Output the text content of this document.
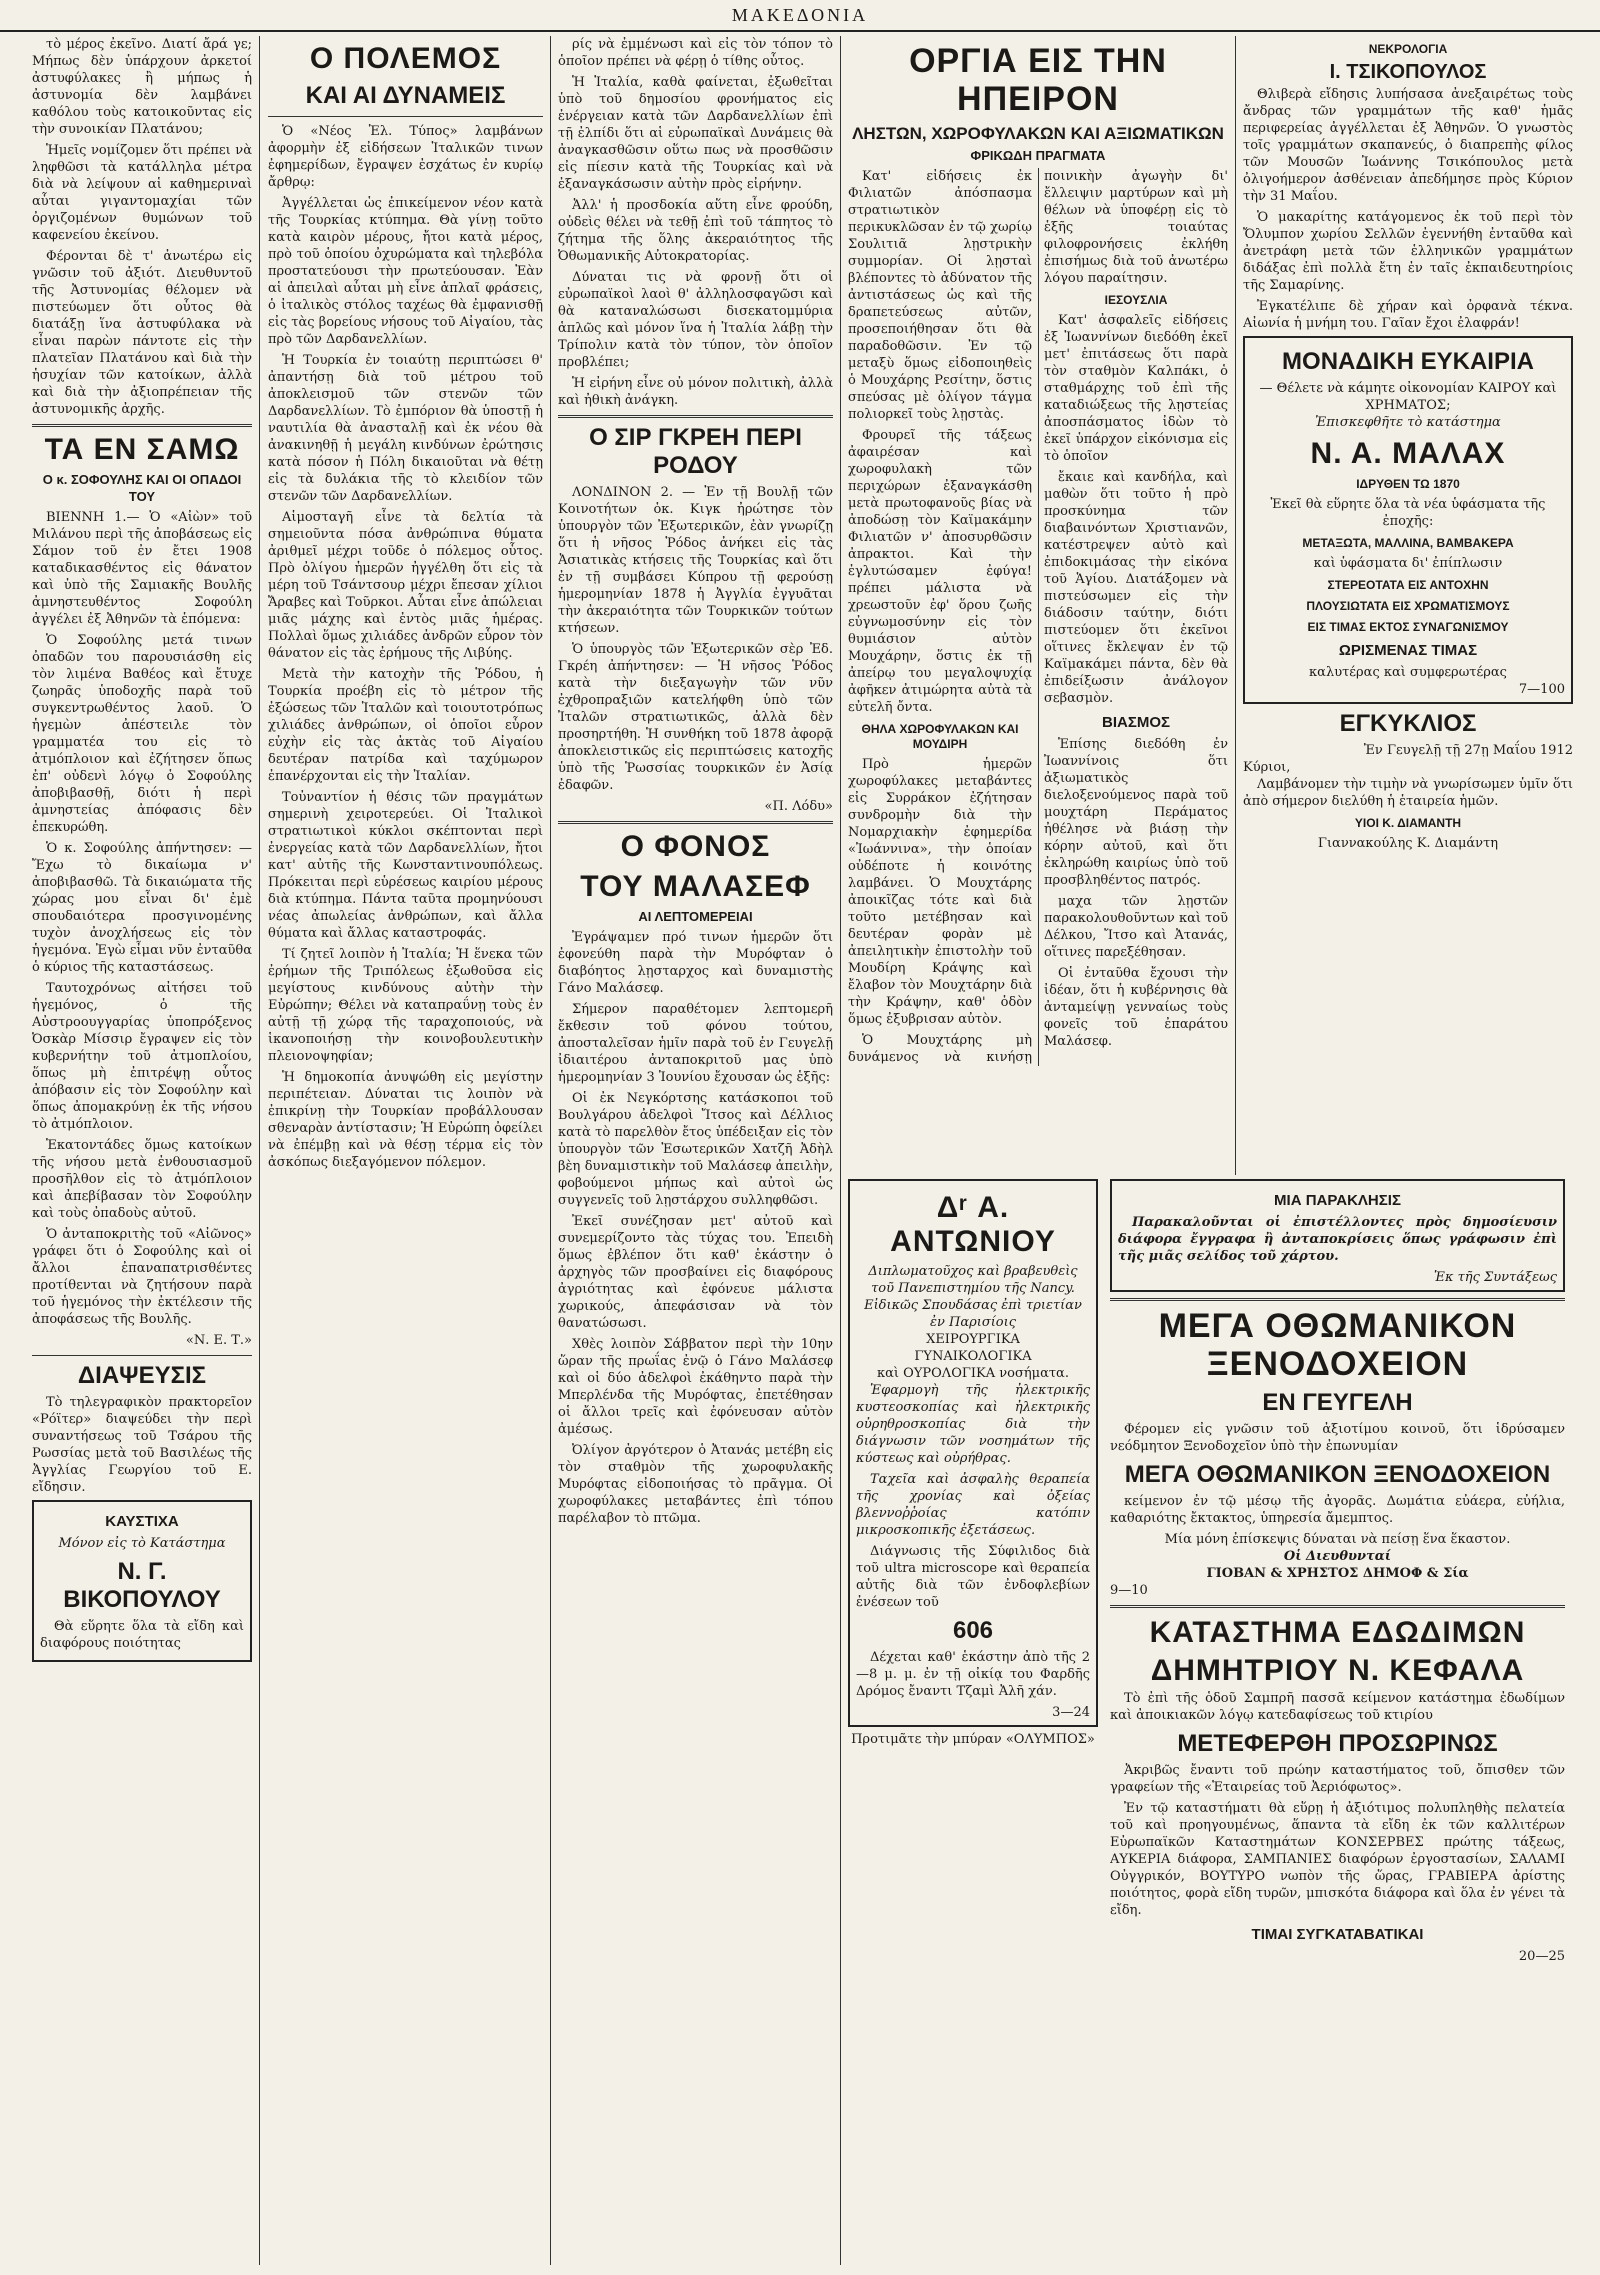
ΜΑΚΕΔΟΝΙΑ

τὸ μέρος ἐκεῖνο. Διατί ἄρά γε; Μήπως δὲν ὑπάρχουν ἀρκετοί ἀστυφύλακες ἢ μήπως ἡ ἀστυνομία δὲν λαμβάνει καθόλου τοὺς κατοικοῦντας εἰς τὴν συνοικίαν Πλατάνου;

Ἡμεῖς νομίζομεν ὅτι πρέπει νὰ ληφθῶσι τὰ κατάλληλα μέτρα διὰ νὰ λείψουν αἱ καθημεριναὶ αὗται γιγαντομαχίαι τῶν ὀργιζομένων θυμώνων τοῦ καφενείου ἐκείνου.

Φέρονται δὲ τ' ἀνωτέρω εἰς γνῶσιν τοῦ ἀξιότ. Διευθυντοῦ τῆς Ἀστυνομίας θέλομεν νὰ πιστεύωμεν ὅτι οὗτος θὰ διατάξῃ ἵνα ἀστυφύλακα νὰ εἶναι παρὼν πάντοτε εἰς τὴν πλατεῖαν Πλατάνου καὶ διὰ τὴν ἡσυχίαν τῶν κατοίκων, ἀλλὰ καὶ διὰ τὴν ἀξιοπρέπειαν τῆς ἀστυνομικῆς ἀρχῆς.

ΤΑ ΕΝ ΣΑΜΩ
Ο κ. ΣΟΦΟΥΛΗΣ ΚΑΙ ΟΙ ΟΠΑΔΟΙ ΤΟΥ

ΒΙΕΝΝΗ 1.— Ὁ «Αἰὼν» τοῦ Μιλάνου περὶ τῆς ἀποβάσεως εἰς Σάμον τοῦ ἐν ἔτει 1908 καταδικασθέντος εἰς θάνατον καὶ ὑπὸ τῆς Σαμιακῆς Βουλῆς ἀμνηστευθέντος Σοφούλη ἀγγέλει ἐξ Ἀθηνῶν τὰ ἑπόμενα:

Ὁ Σοφούλης μετά τινων ὀπαδῶν του παρουσιάσθη εἰς τὸν λιμένα Βαθέος καὶ ἔτυχε ζωηρᾶς ὑποδοχῆς παρὰ τοῦ συγκεντρωθέντος λαοῦ. Ὁ ἡγεμὼν ἀπέστειλε τὸν γραμματέα του εἰς τὸ ἀτμόπλοιον καὶ ἐζήτησεν ὅπως ἐπ' οὐδενὶ λόγῳ ὁ Σοφούλης ἀποβιβασθῇ, διότι ἡ περὶ ἀμνηστείας ἀπόφασις δὲν ἐπεκυρώθη.

Ὁ κ. Σοφούλης ἀπήντησεν: — Ἔχω τὸ δικαίωμα ν' ἀποβιβασθῶ. Τὰ δικαιώματα τῆς χώρας μου εἶναι δι' ἐμὲ σπουδαιότερα προσγινομένης τυχὸν ἀνοχλήσεως εἰς τὸν ἡγεμόνα. Ἐγὼ εἶμαι νῦν ἐνταῦθα ὁ κύριος τῆς καταστάσεως.

Ταυτοχρόνως αἰτήσει τοῦ ἡγεμόνος, ὁ τῆς Αὐστροουγγαρίας ὑποπρόξενος Ὀσκὰρ Μίσσιρ ἔγραψεν εἰς τὸν κυβερνήτην τοῦ ἀτμοπλοίου, ὅπως μὴ ἐπιτρέψῃ οὗτος ἀπόβασιν εἰς τὸν Σοφούλην καὶ ὅπως ἀπομακρύνῃ ἐκ τῆς νήσου τὸ ἀτμόπλοιον.

Ἑκατοντάδες ὅμως κατοίκων τῆς νήσου μετὰ ἐνθουσιασμοῦ προσῆλθον εἰς τὸ ἀτμόπλοιον καὶ ἀπεβίβασαν τὸν Σοφούλην καὶ τοὺς ὀπαδοὺς αὐτοῦ.

Ὁ ἀνταποκριτὴς τοῦ «Αἰῶνος» γράφει ὅτι ὁ Σοφούλης καὶ οἱ ἄλλοι ἐπαναπατρισθέντες προτίθενται νὰ ζητήσουν παρὰ τοῦ ἡγεμόνος τὴν ἐκτέλεσιν τῆς ἀποφάσεως τῆς Βουλῆς.

«Ν. Ε. Τ.»

ΔΙΑΨΕΥΣΙΣ

Τὸ τηλεγραφικὸν πρακτορεῖον «Ρόϊτερ» διαψεύδει τὴν περὶ συναντήσεως τοῦ Τσάρου τῆς Ρωσσίας μετὰ τοῦ Βασιλέως τῆς Ἀγγλίας Γεωργίου τοῦ Ε. εἴδησιν.

ΚΑΥΣΤΙΧΑ
Μόνον εἰς τὸ Κατάστημα
Ν. Γ. ΒΙΚΟΠΟΥΛΟΥ

Θὰ εὕρητε ὅλα τὰ εἴδη καὶ διαφόρους ποιότητας

Ο ΠΟΛΕΜΟΣ
ΚΑΙ ΑΙ ΔΥΝΑΜΕΙΣ

Ὁ «Νέος Ἐλ. Τύπος» λαμβάνων ἀφορμὴν ἐξ εἰδήσεων Ἰταλικῶν τινων ἐφημερίδων, ἔγραψεν ἐσχάτως ἐν κυρίῳ ἄρθρῳ:

Ἀγγέλλεται ὡς ἐπικείμενον νέον κατὰ τῆς Τουρκίας κτύπημα. Θὰ γίνῃ τοῦτο κατὰ καιρὸν μέρους, ἤτοι κατὰ μέρος, πρὸ τοῦ ὁποίου ὀχυρώματα καὶ τηλεβόλα προστατεύουσι τὴν πρωτεύουσαν. Ἐὰν αἱ ἀπειλαὶ αὗται μὴ εἶνε ἁπλαῖ φράσεις, ὁ ἰταλικὸς στόλος ταχέως θὰ ἐμφανισθῇ εἰς τὰς βορείους νήσους τοῦ Αἰγαίου, τὰς πρὸ τῶν Δαρδανελλίων.

Ἡ Τουρκία ἐν τοιαύτῃ περιπτώσει θ' ἀπαντήσῃ διὰ τοῦ μέτρου τοῦ ἀποκλεισμοῦ τῶν στενῶν τῶν Δαρδανελλίων. Τὸ ἐμπόριον θὰ ὑποστῇ ἡ ναυτιλία θὰ ἀνασταλῇ καὶ ἐκ νέου θὰ ἀνακινηθῇ ἡ μεγάλη κινδύνων ἐρώτησις κατὰ πόσον ἡ Πόλη δικαιοῦται νὰ θέτῃ εἰς τὰ δυλάκια τῆς τὸ κλειδίον τῶν στενῶν τῶν Δαρδανελλίων.

Αἱμοσταγῆ εἶνε τὰ δελτία τὰ σημειοῦντα πόσα ἀνθρώπινα θύματα ἀριθμεῖ μέχρι τοῦδε ὁ πόλεμος οὗτος. Πρὸ ὀλίγου ἡμερῶν ἠγγέλθη ὅτι εἰς τὰ μέρη τοῦ Τσάντσουρ μέχρι ἔπεσαν χίλιοι Ἄραβες καὶ Τοῦρκοι. Αὗται εἶνε ἀπώλειαι μιᾶς μάχης καὶ ἐντὸς μιᾶς ἡμέρας. Πολλαὶ ὅμως χιλιάδες ἀνδρῶν εὗρον τὸν θάνατον εἰς τὰς ἐρήμους τῆς Λιβύης.

Μετὰ τὴν κατοχὴν τῆς Ῥόδου, ἡ Τουρκία προέβη εἰς τὸ μέτρον τῆς ἐξώσεως τῶν Ἰταλῶν καὶ τοιουτοτρόπως χιλιάδες ἀνθρώπων, οἱ ὁποῖοι εὗρον εὐχὴν εἰς τὰς ἀκτὰς τοῦ Αἰγαίου δευτέραν πατρίδα καὶ ταχύμωρον ἐπανέρχονται εἰς τὴν Ἰταλίαν.

Τοὐναντίον ἡ θέσις τῶν πραγμάτων σημερινὴ χειροτερεύει. Οἱ Ἰταλικοὶ στρατιωτικοὶ κύκλοι σκέπτονται περὶ ἐνεργείας κατὰ τῶν Δαρδανελλίων, ἤτοι κατ' αὐτῆς τῆς Κωνσταντινουπόλεως. Πρόκειται περὶ εὑρέσεως καιρίου μέρους διὰ κτύπημα. Πάντα ταῦτα προμηνύουσι νέας ἀπωλείας ἀνθρώπων, καὶ ἄλλα θύματα καὶ ἄλλας καταστροφάς.

Τί ζητεῖ λοιπὸν ἡ Ἰταλία; Ἡ ἕνεκα τῶν ἐρήμων τῆς Τριπόλεως ἐξωθοῦσα εἰς μεγίστους κινδύνους αὐτὴν τὴν Εὐρώπην; Θέλει νὰ καταπραΰνῃ τοὺς ἐν αὐτῇ τῇ χώρᾳ τῆς ταραχοποιούς, νὰ ἱκανοποιήσῃ τὴν κοινοβουλευτικὴν πλειονοψηφίαν;

Ἡ δημοκοπία ἀνυψώθη εἰς μεγίστην περιπέτειαν. Δύναται τις λοιπὸν νὰ ἐπικρίνῃ τὴν Τουρκίαν προβάλλουσαν σθεναρὰν ἀντίστασιν; Ἡ Εὐρώπη ὀφείλει νὰ ἐπέμβῃ καὶ νὰ θέσῃ τέρμα εἰς τὸν ἀσκόπως διεξαγόμενον πόλεμον.

ρίς νὰ ἐμμένωσι καὶ εἰς τὸν τόπον τὸ ὁποῖον πρέπει νὰ φέρῃ ὁ τίθης οὗτος.

Ἡ Ἰταλία, καθὰ φαίνεται, ἐξωθεῖται ὑπὸ τοῦ δημοσίου φρονήματος εἰς ἐνέργειαν κατὰ τῶν Δαρδανελλίων ἐπὶ τῇ ἐλπίδι ὅτι αἱ εὐρωπαϊκαὶ Δυνάμεις θὰ ἀναγκασθῶσιν οὕτω πως νὰ προσθῶσιν εἰς πίεσιν κατὰ τῆς Τουρκίας καὶ νὰ ἐξαναγκάσωσιν αὐτὴν πρὸς εἰρήνην.

Ἀλλ' ἡ προσδοκία αὕτη εἶνε φρούδη, οὐδεὶς θέλει νὰ τεθῇ ἐπὶ τοῦ τάπητος τὸ ζήτημα τῆς ὅλης ἀκεραιότητος τῆς Ὀθωμανικῆς Αὐτοκρατορίας.

Δύναται τις νὰ φρονῇ ὅτι οἱ εὐρωπαϊκοὶ λαοὶ θ' ἀλληλοσφαγῶσι καὶ θὰ καταναλώσωσι δισεκατομμύρια ἁπλῶς καὶ μόνον ἵνα ἡ Ἰταλία λάβῃ τὴν Τρίπολιν κατὰ τὸν τύπον, τὸν ὁποῖον προβλέπει;

Ἡ εἰρήνη εἶνε οὐ μόνον πολιτικὴ, ἀλλὰ καὶ ἠθικὴ ἀνάγκη.

Ο ΣΙΡ ΓΚΡΕΗ ΠΕΡΙ ΡΟΔΟΥ

ΛΟΝΔΙΝΟΝ 2. — Ἐν τῇ Βουλῇ τῶν Κοινοτήτων ὁκ. Κιγκ ἠρώτησε τὸν ὑπουργὸν τῶν Ἐξωτερικῶν, ἐὰν γνωρίζῃ ὅτι ἡ νῆσος Ῥόδος ἀνήκει εἰς τὰς Ἀσιατικὰς κτήσεις τῆς Τουρκίας καὶ ὅτι ἐν τῇ συμβάσει Κύπρου τῇ φερούσῃ ἡμερομηνίαν 1878 ἡ Ἀγγλία ἐγγυᾶται τὴν ἀκεραιότητα τῶν Τουρκικῶν τούτων κτήσεων.

Ὁ ὑπουργὸς τῶν Ἐξωτερικῶν σὲρ Ἐδ. Γκρέη ἀπήντησεν: — Ἡ νῆσος Ῥόδος κατὰ τὴν διεξαγωγὴν τῶν νῦν ἐχθροπραξιῶν κατελήφθη ὑπὸ τῶν Ἰταλῶν στρατιωτικῶς, ἀλλὰ δὲν προσηρτήθη. Ἡ συνθήκη τοῦ 1878 ἀφορᾷ ἀποκλειστικῶς εἰς περιπτώσεις κατοχῆς ὑπὸ τῆς Ῥωσσίας τουρκικῶν ἐν Ἀσίᾳ ἐδαφῶν.

«Π. Λόδυ»

Ο ΦΟΝΟΣ
ΤΟΥ ΜΑΛΑΣΕΦ
ΑΙ ΛΕΠΤΟΜΕΡΕΙΑΙ

Ἐγράψαμεν πρό τινων ἡμερῶν ὅτι ἐφονεύθη παρὰ τὴν Μυρόφταν ὁ διαβόητος λῃσταρχος καὶ δυναμιστὴς Γάνο Μαλάσεφ.

Σήμερον παραθέτομεν λεπτομερῆ ἔκθεσιν τοῦ φόνου τούτου, ἀποσταλεῖσαν ἡμῖν παρὰ τοῦ ἐν Γευγελῇ ἰδιαιτέρου ἀνταποκριτοῦ μας ὑπὸ ἡμερομηνίαν 3 Ἰουνίου ἔχουσαν ὡς ἑξῆς:

Οἱ ἐκ Νεγκόρτσης κατάσκοποι τοῦ Βουλγάρου ἀδελφοὶ Ἴτσος καὶ Δέλλιος κατὰ τὸ παρελθὸν ἔτος ὑπέδειξαν εἰς τὸν ὑπουργὸν τῶν Ἐσωτερικῶν Χατζῆ Ἀδὴλ βὲη δυναμιστικὴν τοῦ Μαλάσεφ ἀπειλὴν, φοβούμενοι μήπως καὶ αὐτοὶ ὡς συγγενεῖς τοῦ λῃστάρχου συλληφθῶσι.

Ἐκεῖ συνέζησαν μετ' αὐτοῦ καὶ συνεμερίζοντο τὰς τύχας του. Ἐπειδὴ ὅμως ἐβλέπον ὅτι καθ' ἑκάστην ὁ ἀρχηγὸς τῶν προσβαίνει εἰς διαφόρους ἀγριότητας καὶ ἐφόνευε μάλιστα χωρικούς, ἀπεφάσισαν νὰ τὸν θανατώσωσι.

Χθὲς λοιπὸν Σάββατον περὶ τὴν 10ην ὥραν τῆς πρωΐας ἐνῷ ὁ Γάνο Μαλάσεφ καὶ οἱ δύο ἀδελφοὶ ἐκάθηντο παρὰ τὴν Μπερλένδα τῆς Μυρόφτας, ἐπετέθησαν οἱ ἄλλοι τρεῖς καὶ ἐφόνευσαν αὐτὸν ἀμέσως.

Ὀλίγον ἀργότερον ὁ Ἀτανάς μετέβη εἰς τὸν σταθμὸν τῆς χωροφυλακῆς Μυρόφτας εἰδοποιήσας τὸ πρᾶγμα. Οἱ χωροφύλακες μεταβάντες ἐπὶ τόπου παρέλαβον τὸ πτῶμα.

ΟΡΓΙΑ ΕΙΣ ΤΗΝ ΗΠΕΙΡΟΝ
ΛΗΣΤΩΝ, ΧΩΡΟΦΥΛΑΚΩΝ ΚΑΙ ΑΞΙΩΜΑΤΙΚΩΝ
ΦΡΙΚΩΔΗ ΠΡΑΓΜΑΤΑ

Κατ' εἰδήσεις ἐκ Φιλιατῶν ἀπόσπασμα στρατιωτικὸν περικυκλῶσαν ἐν τῷ χωρίῳ Σουλιτιᾶ λῃστρικὴν συμμορίαν. Οἱ λῃσταὶ βλέποντες τὸ ἀδύνατον τῆς ἀντιστάσεως ὡς καὶ τῆς δραπετεύσεως αὐτῶν, προσεποιήθησαν ὅτι θὰ παραδοθῶσιν. Ἐν τῷ μεταξὺ ὅμως εἰδοποιηθεὶς ὁ Μουχάρης Ρεσίτην, ὅστις σπεύσας μὲ ὀλίγον τάγμα πολιορκεῖ τοὺς λῃστὰς.

Φρουρεῖ τῆς τάξεως ἀφαιρέσαν καὶ χωροφυλακὴ τῶν περιχώρων ἐξαναγκάσθη μετὰ πρωτοφανοῦς βίας νὰ ἀποδώσῃ τὸν Καϊμακάμην Φιλιατῶν ν' ἀποσυρθῶσιν ἀπρακτοι. Καὶ τὴν ἐγλυτώσαμεν ἐφύγα! πρέπει μάλιστα νὰ χρεωστοῦν ἐφ' ὅρου ζωῆς εὐγνωμοσύνην εἰς τὸν θυμιάσιον αὐτὸν Μουχάρην, ὅστις ἐκ τῇ ἀπείρῳ του μεγαλοψυχίᾳ ἀφῆκεν ἀτιμώρητα αὐτὰ τὰ εὐτελῆ ὄντα.

ΘΗΛΑ ΧΩΡΟΦΥΛΑΚΩΝ ΚΑΙ ΜΟΥΔΙΡΗ

Πρὸ ἡμερῶν χωροφύλακες μεταβάντες εἰς Συρράκον ἐζήτησαν συνδρομὴν διὰ τὴν Νομαρχιακὴν ἐφημερίδα «Ἰωάννινα», τὴν ὁποίαν οὐδέποτε ἡ κοινότης λαμβάνει. Ὁ Μουχτάρης ἀποικῖζας τότε καὶ διὰ τοῦτο μετέβησαν καὶ δευτέραν φορὰν μὲ ἀπειλητικὴν ἐπιστολὴν τοῦ Μουδίρη Κράψης καὶ ἔλαβον τὸν Μουχτάρην διὰ τὴν Κράψην, καθ' ὁδὸν ὅμως ἐξυβρισαν αὐτὸν.

Ὁ Μουχτάρης μὴ δυνάμενος νὰ κινήσῃ ποινικὴν ἀγωγὴν δι' ἔλλειψιν μαρτύρων καὶ μὴ θέλων νὰ ὑποφέρῃ εἰς τὸ ἑξῆς τοιαύτας φιλοφρονήσεις ἐκλήθη ἐπισήμως διὰ τοῦ ἀνωτέρω λόγου παραίτησιν.

ΙΕΣΟΥΣΛΙΑ

Κατ' ἀσφαλεῖς εἰδήσεις ἐξ Ἰωαννίνων διεδόθη ἐκεῖ μετ' ἐπιτάσεως ὅτι παρὰ τὸν σταθμὸν Καλπάκι, ὁ σταθμάρχης τοῦ ἐπὶ τῆς καταδιώξεως τῆς λῃστείας ἀποσπάσματος ἰδὼν τὸ ἐκεῖ ὑπάρχον εἰκόνισμα εἰς τὸ ὁποῖον

ἔκαιε καὶ κανδήλα, καὶ μαθὼν ὅτι τοῦτο ἡ πρὸ προσκύνημα τῶν διαβαινόντων Χριστιανῶν, κατέστρεψεν αὐτὸ καὶ ἐπιδοκιμάσας τὴν εἰκόνα τοῦ Ἁγίου. Διατάξομεν νὰ πιστεύσωμεν εἰς τὴν διάδοσιν ταύτην, διότι πιστεύομεν ὅτι ἐκεῖνοι οἵτινες ἔκλεψαν ἐν τῷ Καϊμακάμει πάντα, δὲν θὰ ἐπιδείξωσιν ἀνάλογον σεβασμὸν.

ΒΙΑΣΜΟΣ

Ἐπίσης διεδόθη ἐν Ἰωαννίνοις ὅτι ἀξιωματικὸς διελοξενούμενος παρὰ τοῦ μουχτάρη Περάματος ἠθέλησε νὰ βιάσῃ τὴν κόρην αὐτοῦ, καὶ ὅτι ἐκληρώθη καιρίως ὑπὸ τοῦ προσβληθέντος πατρός.

μαχα τῶν λῃστῶν παρακολουθοῦντων καὶ τοῦ Δέλκου, Ἴτσο καὶ Ἀτανάς, οἵτινες παρεξέθησαν.

Οἱ ἐνταῦθα ἔχουσι τὴν ἰδέαν, ὅτι ἡ κυβέρνησις θὰ ἀνταμείψῃ γενναίως τοὺς φονεῖς τοῦ ἐπαράτου Μαλάσεφ.

ΝΕΚΡΟΛΟΓΙΑ
Ι. ΤΣΙΚΟΠΟΥΛΟΣ

Θλιβερὰ εἴδησις λυπήσασα ἀνεξαιρέτως τοὺς ἄνδρας τῶν γραμμάτων τῆς καθ' ἡμᾶς περιφερείας ἀγγέλλεται ἐξ Ἀθηνῶν. Ὁ γνωστὸς τοῖς γραμμάτων σκαπανεύς, ὁ διαπρεπὴς φίλος τῶν Μουσῶν Ἰωάννης Τσικόπουλος μετὰ ὀλιγοήμερον ἀσθένειαν ἀπεδήμησε πρὸς Κύριον τὴν 31 Μαΐου.

Ὁ μακαρίτης κατάγομενος ἐκ τοῦ περὶ τὸν Ὄλυμπον χωρίου Σελλῶν ἐγεννήθη ἐνταῦθα καὶ ἀνετράφη μετὰ τῶν ἑλληνικῶν γραμμάτων διδάξας ἐπὶ πολλὰ ἔτη ἐν ταῖς ἐκπαιδευτηρίοις τῆς Σαμαρίνης.

Ἐγκατέλιπε δὲ χήραν καὶ ὀρφανὰ τέκνα. Αἰωνία ἡ μνήμη του. Γαῖαν ἔχοι ἐλαφράν!

ΜΟΝΑΔΙΚΗ ΕΥΚΑΙΡΙΑ
— Θέλετε νὰ κάμητε οἰκονομίαν ΚΑΙΡΟΥ καὶ ΧΡΗΜΑΤΟΣ;
Ἐπισκεφθῆτε τὸ κατάστημα
Ν. Α. ΜΑΛΑΧ
ΙΔΡΥΘΕΝ ΤΩ 1870
Ἐκεῖ θὰ εὕρητε ὅλα τὰ νέα ὑφάσματα τῆς ἐποχῆς:
ΜΕΤΑΞΩΤΑ, ΜΑΛΛΙΝΑ, ΒΑΜΒΑΚΕΡΑ
καὶ ὑφάσματα δι' ἐπίπλωσιν
ΣΤΕΡΕΟΤΑΤΑ ΕΙΣ ΑΝΤΟΧΗΝ
ΠΛΟΥΣΙΩΤΑΤΑ ΕΙΣ ΧΡΩΜΑΤΙΣΜΟΥΣ
ΕΙΣ ΤΙΜΑΣ ΕΚΤΟΣ ΣΥΝΑΓΩΝΙΣΜΟΥ
ΩΡΙΣΜΕΝΑΣ ΤΙΜΑΣ
καλυτέρας καὶ συμφερωτέρας
7—100
ΕΓΚΥΚΛΙΟΣ
Ἐν Γευγελῇ τῇ 27ῃ Μαΐου 1912
Κύριοι,

Λαμβάνομεν τὴν τιμὴν νὰ γνωρίσωμεν ὑμῖν ὅτι ἀπὸ σήμερον διελύθη ἡ ἑταιρεία ἡμῶν.

ΥΙΟΙ Κ. ΔΙΑΜΑΝΤΗ
Γιαννακούλης Κ. Διαμάντη
Δʳ Α. ΑΝΤΩΝΙΟΥ
Διπλωματοῦχος καὶ βραβευθεὶς τοῦ Πανεπιστημίου τῆς Nancy.
Εἰδικῶς Σπουδάσας ἐπὶ τριετίαν ἐν Παρισίοις
ΧΕΙΡΟΥΡΓΙΚΑ
ΓΥΝΑΙΚΟΛΟΓΙΚΑ
καὶ ΟΥΡΟΛΟΓΙΚΑ νοσήματα.

Ἐφαρμογὴ τῆς ἠλεκτρικῆς κυστεοσκοπίας καὶ ἠλεκτρικῆς οὐρηθροσκοπίας διὰ τὴν διάγνωσιν τῶν νοσημάτων τῆς κύστεως καὶ οὐρήθρας.

Ταχεῖα καὶ ἀσφαλὴς θεραπεία τῆς χρονίας καὶ ὀξείας βλεννοῤῥοίας κατόπιν μικροσκοπικῆς ἐξετάσεως.

Διάγνωσις τῆς Σύφιλιδος διὰ τοῦ ultra microscope καὶ θεραπεία αὐτῆς διὰ τῶν ἐνδοφλεβίων ἐνέσεων τοῦ

606

Δέχεται καθ' ἑκάστην ἀπὸ τῆς 2—8 μ. μ. ἐν τῇ οἰκίᾳ του Φαρδῆς Δρόμος ἔναντι Τζαμὶ Ἀλῆ χάν.

3—24
Προτιμᾶτε τὴν μπύραν «ΟΛΥΜΠΟΣ»
ΜΙΑ ΠΑΡΑΚΛΗΣΙΣ

Παρακαλοῦνται οἱ ἐπιστέλλοντες πρὸς δημοσίευσιν διάφορα ἔγγραφα ἢ ἀνταποκρίσεις ὅπως γράφωσιν ἐπὶ τῆς μιᾶς σελίδος τοῦ χάρτου.

Ἐκ τῆς Συντάξεως
ΜΕΓΑ ΟΘΩΜΑΝΙΚΟΝ ΞΕΝΟΔΟΧΕΙΟΝ
ΕΝ ΓΕΥΓΕΛΗ

Φέρομεν εἰς γνῶσιν τοῦ ἀξιοτίμου κοινοῦ, ὅτι ἱδρύσαμεν νεόδμητον Ξενοδοχεῖον ὑπὸ τὴν ἐπωνυμίαν

ΜΕΓΑ ΟΘΩΜΑΝΙΚΟΝ ΞΕΝΟΔΟΧΕΙΟΝ

κείμενον ἐν τῷ μέσῳ τῆς ἀγορᾶς. Δωμάτια εὐάερα, εὐήλια, καθαριότης ἔκτακτος, ὑπηρεσία ἄμεμπτος.

Μία μόνη ἐπίσκεψις δύναται νὰ πείσῃ ἕνα ἕκαστον.
Οἱ Διευθυνταί
ΓΙΟΒΑΝ & ΧΡΗΣΤΟΣ ΔΗΜΟΦ & Σία
9—10
ΚΑΤΑΣΤΗΜΑ ΕΔΩΔΙΜΩΝ
ΔΗΜΗΤΡΙΟΥ Ν. ΚΕΦΑΛΑ

Τὸ ἐπὶ τῆς ὁδοῦ Σαμπρῆ πασσᾶ κείμενον κατάστημα ἐδωδίμων καὶ ἀποικιακῶν λόγῳ κατεδαφίσεως τοῦ κτιρίου

ΜΕΤΕΦΕΡΘΗ ΠΡΟΣΩΡΙΝΩΣ

Ἀκριβῶς ἔναντι τοῦ πρώην καταστήματος τοῦ, ὄπισθεν τῶν γραφείων τῆς «Ἑταιρείας τοῦ Ἀεριόφωτος».

Ἐν τῷ καταστήματι θὰ εὕρῃ ἡ ἀξιότιμος πολυπληθὴς πελατεία τοῦ καὶ προηγουμένως, ἅπαντα τὰ εἴδη ἐκ τῶν καλλιτέρων Εὐρωπαϊκῶν Καταστημάτων ΚΟΝΣΕΡΒΕΣ πρώτης τάξεως, ΑΥΚΕΡΙΑ διάφορα, ΣΑΜΠΑΝΙΕΣ διαφόρων ἐργοστασίων, ΣΑΛΑΜΙ Οὐγγρικόν, ΒΟΥΤΥΡΟ νωπὸν τῆς ὥρας, ΓΡΑΒΙΕΡΑ ἀρίστης ποιότητος, φορὰ εἴδη τυρῶν, μπισκότα διάφορα καὶ ὅλα ἐν γένει τὰ εἴδη.

ΤΙΜΑΙ ΣΥΓΚΑΤΑΒΑΤΙΚΑΙ
20—25
